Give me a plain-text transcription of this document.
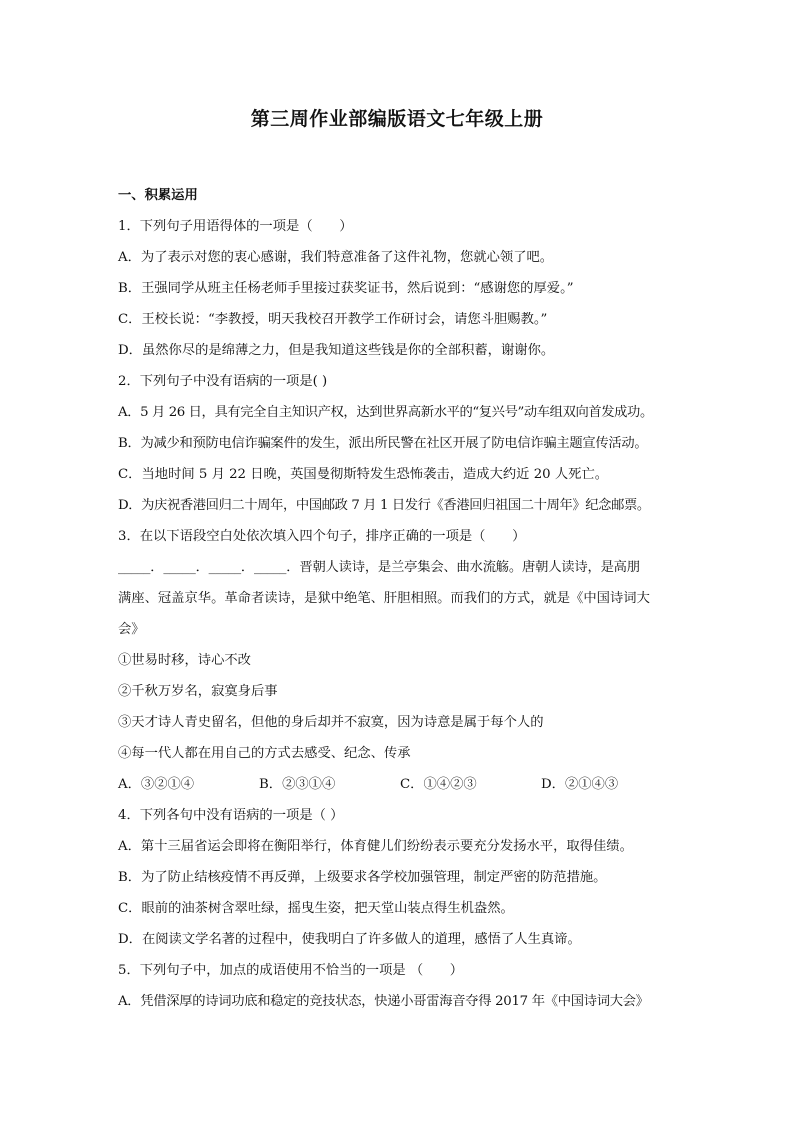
第三周作业部编版语文七年级上册
一、积累运用
1．下列句子用语得体的一项是（　　）
A．为了表示对您的衷心感谢，我们特意准备了这件礼物，您就心领了吧。
B．王强同学从班主任杨老师手里接过获奖证书，然后说到：“感谢您的厚爱。”
C．王校长说：“李教授，明天我校召开教学工作研讨会，请您斗胆赐教。”
D．虽然你尽的是绵薄之力，但是我知道这些钱是你的全部积蓄，谢谢你。
2．下列句子中没有语病的一项是( )
A．5 月 26 日，具有完全自主知识产权，达到世界高新水平的“复兴号”动车组双向首发成功。
B．为减少和预防电信诈骗案件的发生，派出所民警在社区开展了防电信诈骗主题宣传活动。
C．当地时间 5 月 22 日晚，英国曼彻斯特发生恐怖袭击，造成大约近 20 人死亡。
D．为庆祝香港回归二十周年，中国邮政 7 月 1 日发行《香港回归祖国二十周年》纪念邮票。
3．在以下语段空白处依次填入四个句子，排序正确的一项是（　　）
_____．_____．_____．_____．晋朝人读诗，是兰亭集会、曲水流觞。唐朝人读诗，是高朋
满座、冠盖京华。革命者读诗，是狱中绝笔、肝胆相照。而我们的方式，就是《中国诗词大
会》
①世易时移，诗心不改
②千秋万岁名，寂寞身后事
③天才诗人青史留名，但他的身后却并不寂寞，因为诗意是属于每个人的
④每一代人都在用自己的方式去感受、纪念、传承
A．③②①④	B．②③①④	C．①④②③	D．②①④③
4．下列各句中没有语病的一项是（ ）
A．第十三届省运会即将在衡阳举行，体育健儿们纷纷表示要充分发扬水平，取得佳绩。
B．为了防止结核疫情不再反弹，上级要求各学校加强管理，制定严密的防范措施。
C．眼前的油茶树含翠吐绿，摇曳生姿，把天堂山装点得生机盎然。
D．在阅读文学名著的过程中，使我明白了许多做人的道理，感悟了人生真谛。
5．下列句子中，加点的成语使用不恰当的一项是 （　　）
A．凭借深厚的诗词功底和稳定的竞技状态，快递小哥雷海音夺得 2017 年《中国诗词大会》
